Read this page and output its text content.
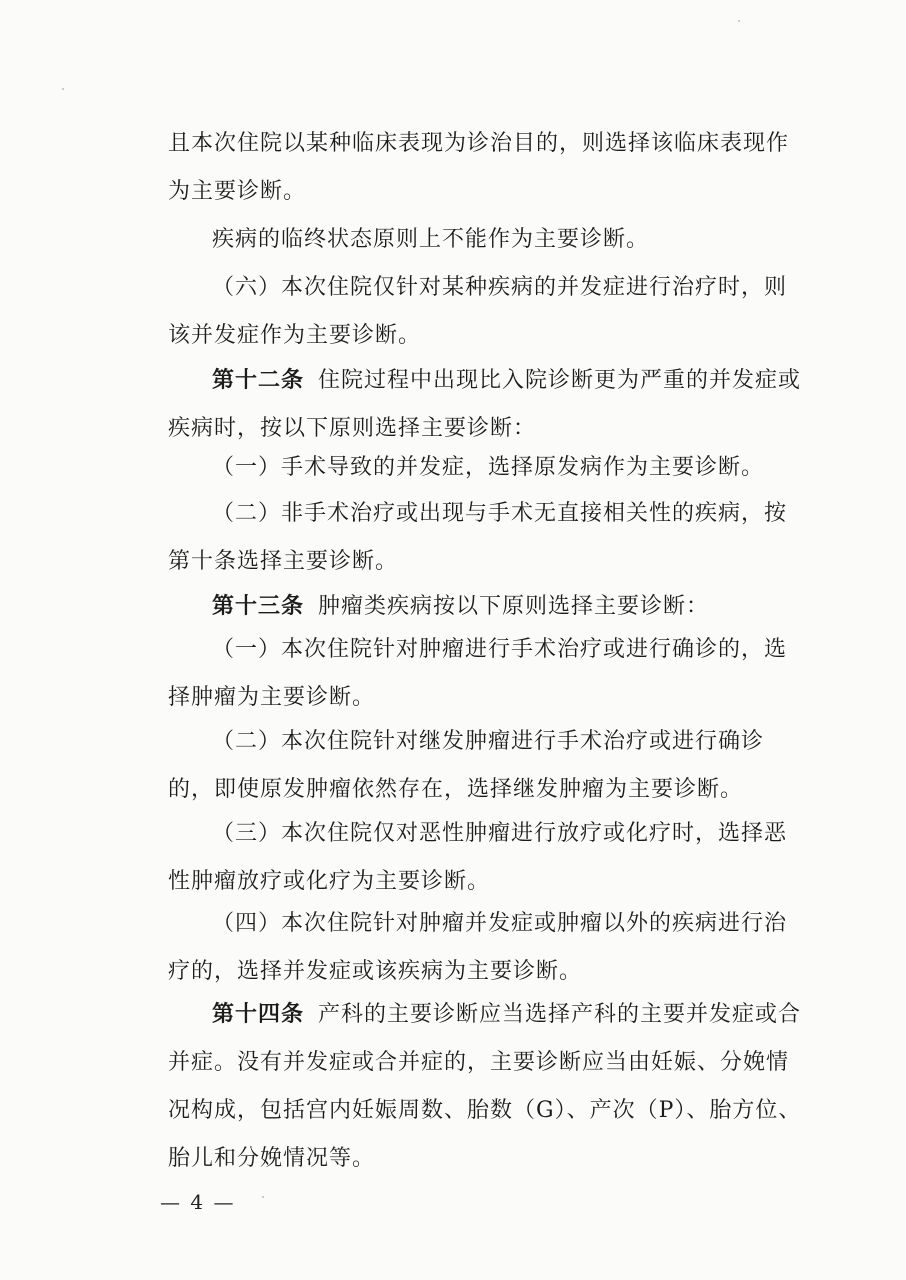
且本次住院以某种临床表现为诊治目的，则选择该临床表现作为主要诊断。

疾病的临终状态原则上不能作为主要诊断。

（六）本次住院仅针对某种疾病的并发症进行治疗时，则该并发症作为主要诊断。

第十二条 住院过程中出现比入院诊断更为严重的并发症或疾病时，按以下原则选择主要诊断：

（一）手术导致的并发症，选择原发病作为主要诊断。

（二）非手术治疗或出现与手术无直接相关性的疾病，按第十条选择主要诊断。

第十三条 肿瘤类疾病按以下原则选择主要诊断：

（一）本次住院针对肿瘤进行手术治疗或进行确诊的，选择肿瘤为主要诊断。

（二）本次住院针对继发肿瘤进行手术治疗或进行确诊的，即使原发肿瘤依然存在，选择继发肿瘤为主要诊断。

（三）本次住院仅对恶性肿瘤进行放疗或化疗时，选择恶性肿瘤放疗或化疗为主要诊断。

（四）本次住院针对肿瘤并发症或肿瘤以外的疾病进行治疗的，选择并发症或该疾病为主要诊断。

第十四条 产科的主要诊断应当选择产科的主要并发症或合并症。没有并发症或合并症的，主要诊断应当由妊娠、分娩情况构成，包括宫内妊娠周数、胎数（G）、产次（P）、胎方位、胎儿和分娩情况等。

— 4 —
